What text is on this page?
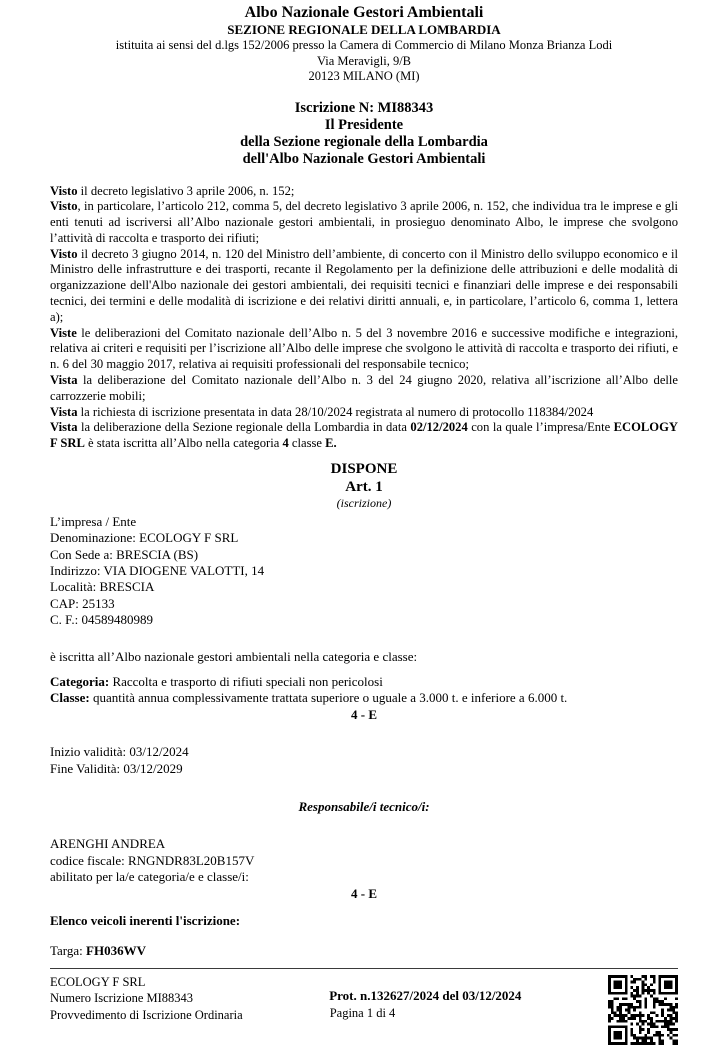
Albo Nazionale Gestori Ambientali
SEZIONE REGIONALE DELLA LOMBARDIA
istituita ai sensi del d.lgs 152/2006 presso la Camera di Commercio di Milano Monza Brianza Lodi
Via Meravigli, 9/B
20123 MILANO (MI)
Iscrizione N: MI88343
Il Presidente
della Sezione regionale della Lombardia
dell'Albo Nazionale Gestori Ambientali

Visto il decreto legislativo 3 aprile 2006, n. 152;

Visto, in particolare, l’articolo 212, comma 5, del decreto legislativo 3 aprile 2006, n. 152, che individua tra le imprese e gli enti tenuti ad iscriversi all’Albo nazionale gestori ambientali, in prosieguo denominato Albo, le imprese che svolgono l’attività di raccolta e trasporto dei rifiuti;

Visto il decreto 3 giugno 2014, n. 120 del Ministro dell’ambiente, di concerto con il Ministro dello sviluppo economico e il Ministro delle infrastrutture e dei trasporti, recante il Regolamento per la definizione delle attribuzioni e delle modalità di organizzazione dell'Albo nazionale dei gestori ambientali, dei requisiti tecnici e finanziari delle imprese e dei responsabili tecnici, dei termini e delle modalità di iscrizione e dei relativi diritti annuali, e, in particolare, l’articolo 6, comma 1, lettera a);

Viste le deliberazioni del Comitato nazionale dell’Albo n. 5 del 3 novembre 2016 e successive modifiche e integrazioni, relativa ai criteri e requisiti per l’iscrizione all’Albo delle imprese che svolgono le attività di raccolta e trasporto dei rifiuti, e n. 6 del 30 maggio 2017, relativa ai requisiti professionali del responsabile tecnico;

Vista la deliberazione del Comitato nazionale dell’Albo n. 3 del 24 giugno 2020, relativa all’iscrizione all’Albo delle carrozzerie mobili;

Vista la richiesta di iscrizione presentata in data 28/10/2024 registrata al numero di protocollo 118384/2024

Vista la deliberazione della Sezione regionale della Lombardia in data 02/12/2024 con la quale l’impresa/Ente ECOLOGY F SRL è stata iscritta all’Albo nella categoria 4 classe E.

DISPONE
Art. 1
(iscrizione)
L’impresa / Ente
Denominazione: ECOLOGY F SRL
Con Sede a: BRESCIA (BS)
Indirizzo: VIA DIOGENE VALOTTI, 14
Località: BRESCIA
CAP: 25133
C. F.: 04589480989
è iscritta all’Albo nazionale gestori ambientali nella categoria e classe:
Categoria: Raccolta e trasporto di rifiuti speciali non pericolosi
Classe: quantità annua complessivamente trattata superiore o uguale a 3.000 t. e inferiore a 6.000 t.
4 - E
Inizio validità: 03/12/2024
Fine Validità: 03/12/2029
Responsabile/i tecnico/i:
ARENGHI ANDREA
codice fiscale: RNGNDR83L20B157V
abilitato per la/e categoria/e e classe/i:
4 - E
Elenco veicoli inerenti l'iscrizione:
Targa: FH036WV
ECOLOGY F SRL
Numero Iscrizione MI88343
Provvedimento di Iscrizione Ordinaria
Prot. n.132627/2024 del 03/12/2024
Pagina 1 di 4
